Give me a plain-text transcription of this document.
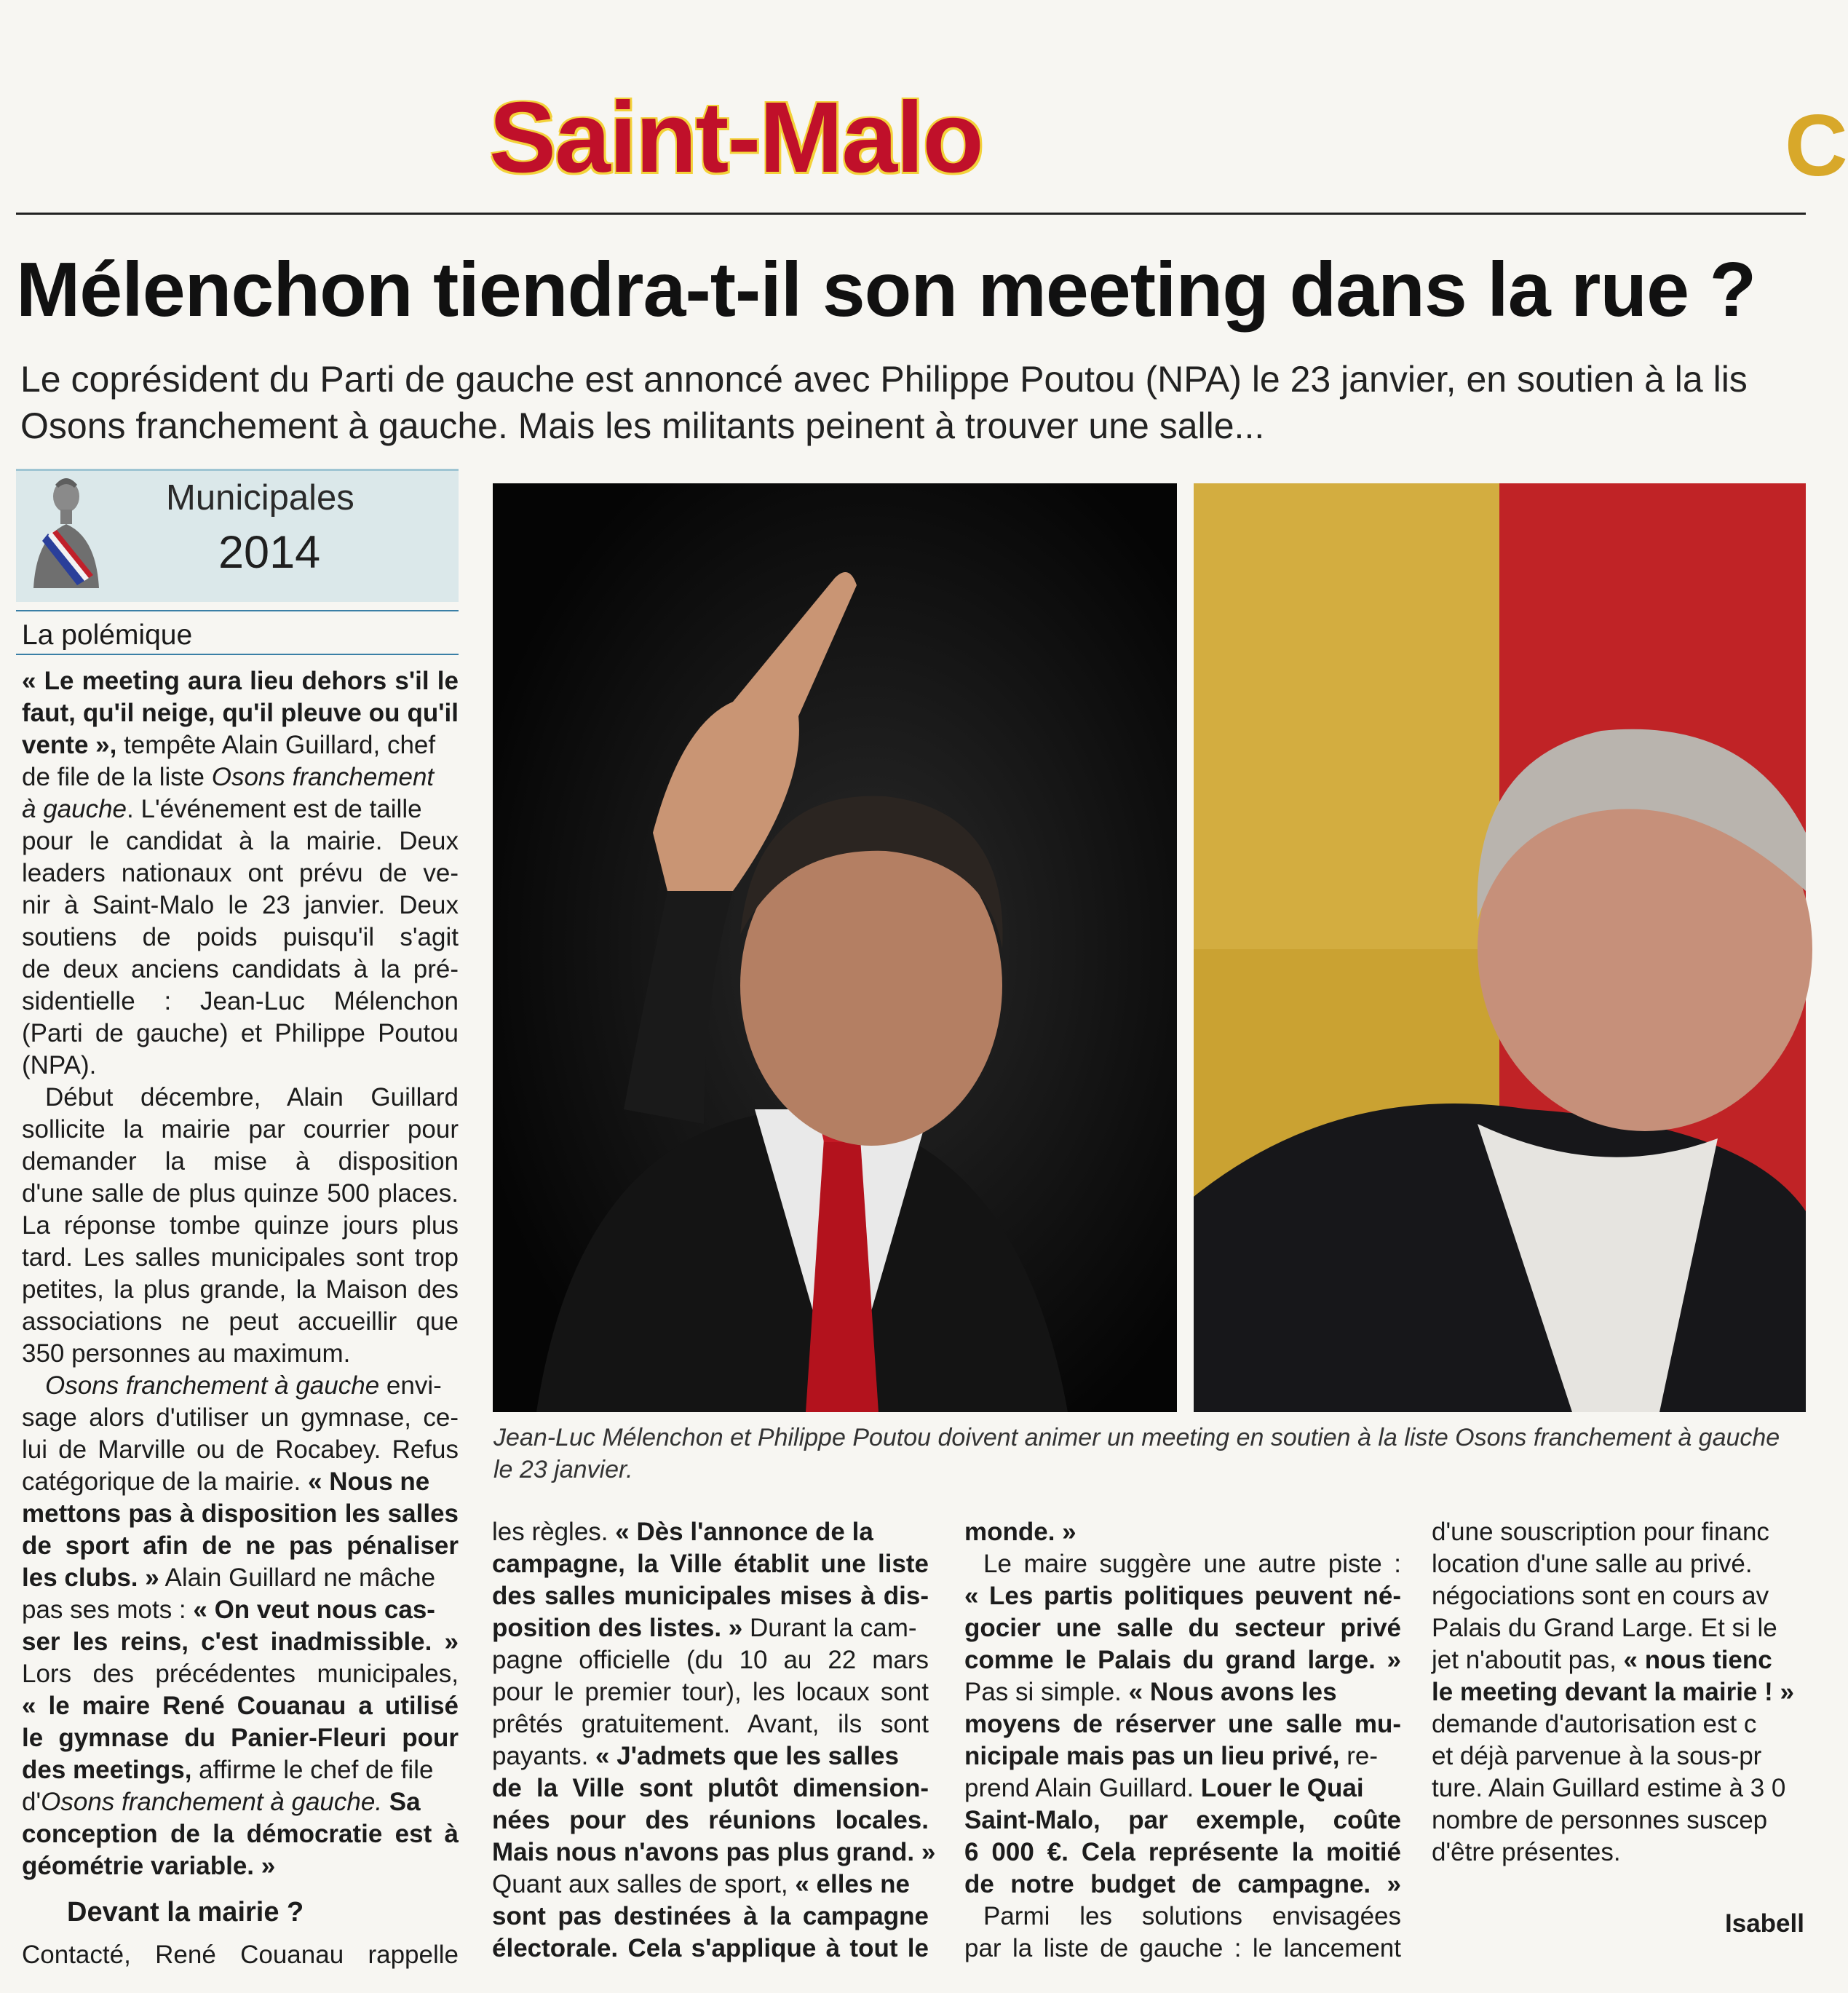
Saint-Malo	C
Mélenchon tiendra-t-il son meeting dans la rue ?
Le coprésident du Parti de gauche est annoncé avec Philippe Poutou (NPA) le 23 janvier, en soutien à la lis
Osons franchement à gauche. Mais les militants peinent à trouver une salle...
Municipales
2014
La polémique
« Le meeting aura lieu dehors s'il le
faut, qu'il neige, qu'il pleuve ou qu'il
vente », tempête Alain Guillard, chef
de file de la liste Osons franchement
à gauche. L'événement est de taille
pour le candidat à la mairie. Deux
leaders nationaux ont prévu de ve-
nir à Saint-Malo le 23 janvier. Deux
soutiens de poids puisqu'il s'agit
de deux anciens candidats à la pré-
sidentielle : Jean-Luc Mélenchon
(Parti de gauche) et Philippe Poutou
(NPA).
Début décembre, Alain Guillard
sollicite la mairie par courrier pour
demander la mise à disposition
d'une salle de plus quinze 500 places.
La réponse tombe quinze jours plus
tard. Les salles municipales sont trop
petites, la plus grande, la Maison des
associations ne peut accueillir que
350 personnes au maximum.
Osons franchement à gauche envi-
sage alors d'utiliser un gymnase, ce-
lui de Marville ou de Rocabey. Refus
catégorique de la mairie. « Nous ne
mettons pas à disposition les salles
de sport afin de ne pas pénaliser
les clubs. » Alain Guillard ne mâche
pas ses mots : « On veut nous cas-
ser les reins, c'est inadmissible. »
Lors des précédentes municipales,
« le maire René Couanau a utilisé
le gymnase du Panier-Fleuri pour
des meetings, affirme le chef de file
d'Osons franchement à gauche. Sa
conception de la démocratie est à
géométrie variable. »
Devant la mairie ?
Contacté, René Couanau rappelle
Jean-Luc Mélenchon et Philippe Poutou doivent animer un meeting en soutien à la liste Osons franchement à gauche
le 23 janvier.
les règles. « Dès l'annonce de la
campagne, la Ville établit une liste
des salles municipales mises à dis-
position des listes. » Durant la cam-
pagne officielle (du 10 au 22 mars
pour le premier tour), les locaux sont
prêtés gratuitement. Avant, ils sont
payants. « J'admets que les salles
de la Ville sont plutôt dimension-
nées pour des réunions locales.
Mais nous n'avons pas plus grand. »
Quant aux salles de sport, « elles ne
sont pas destinées à la campagne
électorale. Cela s'applique à tout le
monde. »
Le maire suggère une autre piste :
« Les partis politiques peuvent né-
gocier une salle du secteur privé
comme le Palais du grand large. »
Pas si simple. « Nous avons les
moyens de réserver une salle mu-
nicipale mais pas un lieu privé, re-
prend Alain Guillard. Louer le Quai
Saint-Malo, par exemple, coûte
6 000 €. Cela représente la moitié
de notre budget de campagne. »
Parmi les solutions envisagées
par la liste de gauche : le lancement
d'une souscription pour financ
location d'une salle au privé.
négociations sont en cours av
Palais du Grand Large. Et si le
jet n'aboutit pas, « nous tienc
le meeting devant la mairie ! »
demande d'autorisation est c
et déjà parvenue à la sous-pr
ture. Alain Guillard estime à 3 0
nombre de personnes suscep
d'être présentes.
Isabell
